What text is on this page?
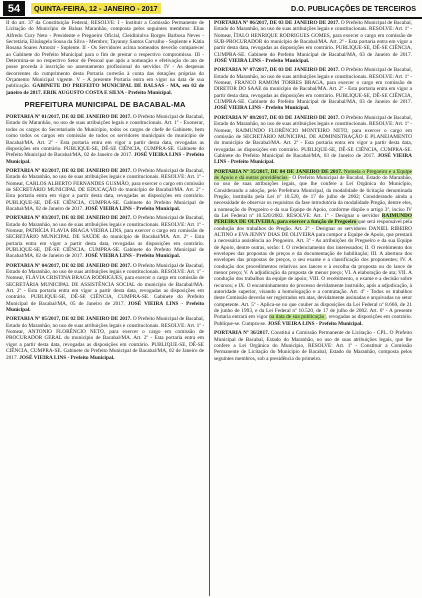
54	QUINTA-FEIRA, 12 - JANEIRO - 2017	D.O. PUBLICAÇÕES DE TERCEIROS

II do art. 37 da Constituição Federal, RESOLVE: I - Instituir a Comissão Permanente de Licitação do Município de Balsas Maranhão, composta pelos seguintes membros: Elias Alfredo Cury Neto - Presidente e Pregoeiro Oficial, Cleidiniulva Borges Barbosa Neves - Secretária, Elisângela Sousa da Silva - Membro; Tayanny Santos Carvalho - Suplente e Kátia Rosana Soares Amorar - Suplente. II - Os Servidores acima nomeados deverão comparecer ao Gabinete do Prefeito Municipal para o fim de prestar o respectivo compromisso. III - Determina-se no respectivo Setor de Pessoal que após a nomeação e efetivação do ato de posse proceda à inscrição no assentamento profissional do servidor. IV - As despesas decorrentes do cumprimento desta Portaria correrão à conta das dotações próprias do Orçamento Municipal vigente. V - A presente Portaria entra em vigor na data de sua publicação. GABINETE DO PREFEITO MUNICIPAL DE BALSAS - MA, em 02 de janeiro de 2017. ERIK AUGUSTO COSTA E SILVA - Prefeito Municipal.

PREFEITURA MUNICIPAL DE BACABAL-MA

PORTARIA Nº 01/2017, DE 02 DE JANEIRO DE 2017. O Prefeito Municipal de Bacabal, Estado do Maranhão, no uso de suas atribuições legais e constitucionais. Art. 1º - Exonerar, todos os cargos do Secretariado do Município, todos os cargos de chefe de Gabinete, bem como todos os cargos em comissão de todos os servidores municipais do município de Bacabal/MA. Art. 2º - Esta portaria entra em vigor a partir desta data, revogadas as disposições em contrário. PUBLIQUE-SE, DÊ-SE CIÊNCIA, CUMPRA-SE. Gabinete do Prefeito Municipal de Bacabal/MA, 02 de Janeiro de 2017. JOSÉ VIEIRA LINS - Prefeito Municipal.

PORTARIA Nº 02/2017, DE 02 DE JANEIRO DE 2017. O Prefeito Municipal de Bacabal, Estado do Maranhão, no uso de suas atribuições legais e constitucionais. RESOLVE: Art. 1º - Nomear, CARLOS ALBERTO FERNANDES GUSMÃO, para exercer o cargo em comissão de SECRETÁRIO MUNICIPAL DE EDUCAÇÃO do município de Bacabal/MA. Art. 2º - Esta portaria entra em vigor a partir desta data, revogadas as disposições em contrário. PUBLIQUE-SE, DÊ-SE CIÊNCIA, CUMPRA-SE. Gabinete do Prefeito Municipal de Bacabal/MA, 02 de Janeiro de 2017. JOSÉ VIEIRA LINS - Prefeito Municipal.

PORTARIA Nº 03/2017, DE 02 DE JANEIRO DE 2017. O Prefeito Municipal de Bacabal, Estado do Maranhão, no uso de suas atribuições legais e constitucionais. RESOLVE: Art. 1º - Nomear, PATRÍCIA FLAVIA BRAGA VIEIRA LINS, para exercer o cargo em comissão de SECRETÁRIO MUNICIPAL DE SAÚDE do município de Bacabal/MA. Art. 2º - Esta portaria entra em vigor a partir desta data, revogadas as disposições em contrário. PUBLIQUE-SE, DÊ-SE CIÊNCIA, CUMPRA-SE. Gabinete do Prefeito Municipal de Bacabal/MA, 02 de Janeiro de 2017. JOSÉ VIEIRA LINS - Prefeito Municipal.

PORTARIA Nº 04/2017, DE 02 DE JANEIRO DE 2017. O Prefeito Municipal de Bacabal, Estado do Maranhão, no uso de suas atribuições legais e constitucionais. RESOLVE: Art. 1º - Nomear, FLÁVIA CRISTINA BRAGA RODRIGUES, para exercer o cargo em comissão de SECRETÁRIA MUNICIPAL DE ASSISTÊNCIA SOCIAL do município de Bacabal/MA. Art. 2º - Esta portaria entra em vigor a partir desta data, revogadas as disposições em contrário. PUBLIQUE-SE, DÊ-SE CIÊNCIA, CUMPRA-SE. Gabinete do Prefeito Municipal de Bacabal/MA, 05 de Janeiro de 2017. JOSÉ VIEIRA LINS - Prefeito Municipal.

PORTARIA Nº 05/2017, DE 02 DE JANEIRO DE 2017. O Prefeito Municipal de Bacabal, Estado do Maranhão, no uso de suas atribuições legais e constitucionais. RESOLVE: Art. 1º - Nomear, ANTONIO FLORÊNCIO NETO, para exercer o cargo em comissão de PROCURADOR GERAL do município de Bacabal/MA. Art. 2º - Esta portaria entra em vigor a partir desta data, revogadas as disposições em contrário. PUBLIQUE-SE, DÊ-SE CIÊNCIA, CUMPRA-SE. Gabinete do Prefeito Municipal de Bacabal/MA, 02 de Janeiro de 2017. JOSÉ VIEIRA LINS - Prefeito Municipal.

PORTARIA Nº 06/2017, DE 03 DE JANEIRO DE 2017. O Prefeito Municipal de Bacabal, Estado do Maranhão, no uso de suas atribuições legais e constitucionais. RESOLVE: Art. 1º - Nomear, ÍTALO HENRIQUE RODRIGUES GOMES, para exercer o cargo em comissão de SUB-PROCURADOR do município de Bacabal/MA. Art. 2º - Esta portaria entra em vigor a partir desta data, revogadas as disposições em contrário. PUBLIQUE-SE, DÊ-SE CIÊNCIA, CUMPRA-SE. Gabinete do Prefeito Municipal de Bacabal/MA, 03 de Janeiro de 2017. JOSÉ VIEIRA LINS - Prefeito Municipal.

PORTARIA Nº 07/2017, DE 03 DE JANEIRO DE 2017. O Prefeito Municipal de Bacabal, Estado do Maranhão, no uso de suas atribuições legais e constitucionais. RESOLVE: Art. 1º - Nomear, FRANCO RAMOM TORRES BRAGA, para exercer o cargo em comissão de DIRETOR DO SAAE do município de Bacabal/MA. Art. 2º - Esta portaria entra em vigor a partir desta data, revogadas as disposições em contrário. PUBLIQUE-SE, DÊ-SE CIÊNCIA, CUMPRA-SE. Gabinete do Prefeito Municipal de Bacabal/MA, 03 de Janeiro de 2017. JOSÉ VIEIRA LINS - Prefeito Municipal.

PORTARIA Nº 08/2017, DE 03 DE JANEIRO DE 2017. O Prefeito Municipal de Bacabal, Estado do Maranhão, no uso de suas atribuições legais e constitucionais. RESOLVE: Art. 1º - Nomear, RAIMUNDO FLORÊNCIO MONTEIRO NETO, para exercer o cargo em comissão de SECRETÁRIO MUNICIPAL DE ADMINISTRAÇÃO E PLANEJAMENTO do município de Bacabal/MA. Art. 2º - Esta portaria entra em vigor a partir desta data, revogadas as disposições em contrário. PUBLIQUE-SE, DÊ-SE CIÊNCIA, CUMPRA-SE. Gabinete do Prefeito Municipal de Bacabal/MA, 03 de Janeiro de 2017. JOSÉ VIEIRA LINS - Prefeito Municipal.

PORTARIA Nº 35/2017, DE 04 DE JANEIRO DE 2017. Nomeia o Pregoeiro e a Equipe de Apoio e dá outras providências - O Prefeito Municipal de Bacabal, Estado do Maranhão, no uso de suas atribuições legais, que lhe confere a Lei Orgânica do Município, Considerando a adoção, pelo Prefeitura Municipal, da modalidade de licitação denominada Pregão, instituída pela Lei nº 10.520, de 17 de julho de 2002; Considerando ainda a necessidade de observar os requisitos da fase introdutória da modalidade Pregão, dentre eles, a nomeação do Pregoeiro e da sua Equipe de Apoio, conforme dispõe o artigo 3º, inciso IV da Lei Federal nº 10.520/2002. RESOLVE: Art. 1º - Designar o servidor RAIMUNDO PEREIRA DE OLIVEIRA, para exercer a função de Pregoeiro que será responsável pela condução dos trabalhos do Pregão. Art. 2º - Designar os servidores DANIEL RIBEIRO ALTINO e EVA JENNY DIAS DE OLIVEIRA para compor a Equipe de Apoio, que prestará a necessária assistência ao Pregoeiro. Art. 3º - As atribuições do Pregoeiro e da sua Equipe de Apoio, dentre outras, serão: I. O credenciamento dos interessados; II. O recebimento dos envelopes das propostas de preços e da documentação de habilitação; III. A abertura dos envelopes das propostas de preços, o seu exame e a classificação dos proponentes; IV. A condução dos procedimentos relativos aos lances e à escolha da proposta ou do lance de menor preço; V. A adjudicação da proposta de menor preço; VI. A elaboração de ata; VII. A condução dos trabalhos da equipe de apoio; VIII. O recebimento, o exame e a decisão sobre recursos; e IX. O encaminhamento do processo devidamente instruído, após a adjudicação, à autoridade superior, visando a homologação e a contratação. Art. 4º - Todos os trabalhos deste Comissão deverão ser registrados em atas, devidamente assinadas e arquivadas no setor competente. Art. 5º - Aplica-se no que couber as disposições da Lei Federal nº 8.666, de 21 de junho de 1993, e da Lei Federal nº 10.520, de 17 de julho de 2002. Art. 6º - A presente Portaria entrará em vigor na data de sua publicação , revogadas as disposições em contrário. Publique-se. Cumpra-se. JOSÉ VIEIRA LINS - Prefeito Municipal.

PORTARIA Nº 36/2017. Constitui a Comissão Permanente de Licitação - CPL. O Prefeito Municipal de Bacabal, Estado do Maranhão, no uso de suas atribuições legais, que lhe confere a Lei Orgânica do Município, RESOLVE: Art. 1º - Constituir a Comissão Permanente de Licitação do Município de Bacabal, Estado do Maranhão, composta pelos seguintes membros, sob a presidência do primeiro.
